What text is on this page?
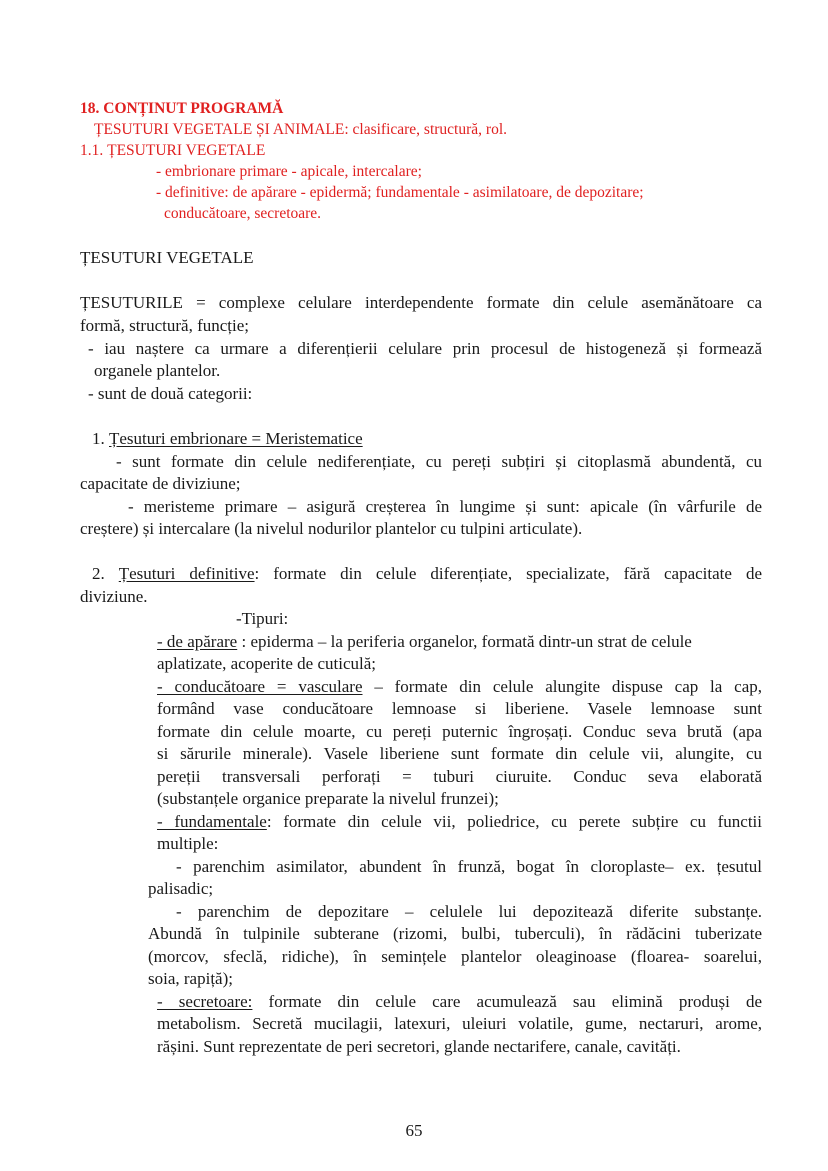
18. CONȚINUT PROGRAMĂ

ȚESUTURI VEGETALE ȘI ANIMALE: clasificare, structură, rol.

1.1. ȚESUTURI VEGETALE

- embrionare primare - apicale, intercalare;

- definitive: de apărare - epidermă; fundamentale - asimilatoare, de depozitare;

conducătoare, secretoare.

ȚESUTURI VEGETALE

ȚESUTURILE = complexe celulare interdependente formate din celule asemănătoare ca

formă, structură, funcție;

- iau naștere ca urmare a diferențierii celulare prin procesul de histogeneză și formează

organele plantelor.

- sunt de două categorii:

1. Țesuturi embrionare = Meristematice

- sunt formate din celule nediferențiate, cu pereți subțiri și citoplasmă abundentă, cu

capacitate de diviziune;

- meristeme primare – asigură creșterea în lungime și sunt: apicale (în vârfurile de

creștere) și intercalare (la nivelul nodurilor plantelor cu tulpini articulate).

2. Țesuturi definitive: formate din celule diferențiate, specializate, fără capacitate de

diviziune.

-Tipuri:

- de apărare : epiderma – la periferia organelor, formată dintr-un strat de celule

aplatizate, acoperite de cuticulă;

- conducătoare = vasculare – formate din celule alungite dispuse cap la cap,

formând vase conducătoare lemnoase si liberiene. Vasele lemnoase sunt

formate din celule moarte, cu pereți puternic îngroșați. Conduc seva brută (apa

si sărurile minerale). Vasele liberiene sunt formate din celule vii, alungite, cu

pereții transversali perforați = tuburi ciuruite. Conduc seva elaborată

(substanțele organice preparate la nivelul frunzei);

- fundamentale: formate din celule vii, poliedrice, cu perete subțire cu functii

multiple:

- parenchim asimilator, abundent în frunză, bogat în cloroplaste– ex. țesutul

palisadic;

- parenchim de depozitare – celulele lui depozitează diferite substanțe.

Abundă în tulpinile subterane (rizomi, bulbi, tuberculi), în rădăcini tuberizate

(morcov, sfeclă, ridiche), în semințele plantelor oleaginoase (floarea- soarelui,

soia, rapiță);

- secretoare: formate din celule care acumulează sau elimină produși de

metabolism. Secretă mucilagii, latexuri, uleiuri volatile, gume, nectaruri, arome,

rășini. Sunt reprezentate de peri secretori, glande nectarifere, canale, cavități.

65
